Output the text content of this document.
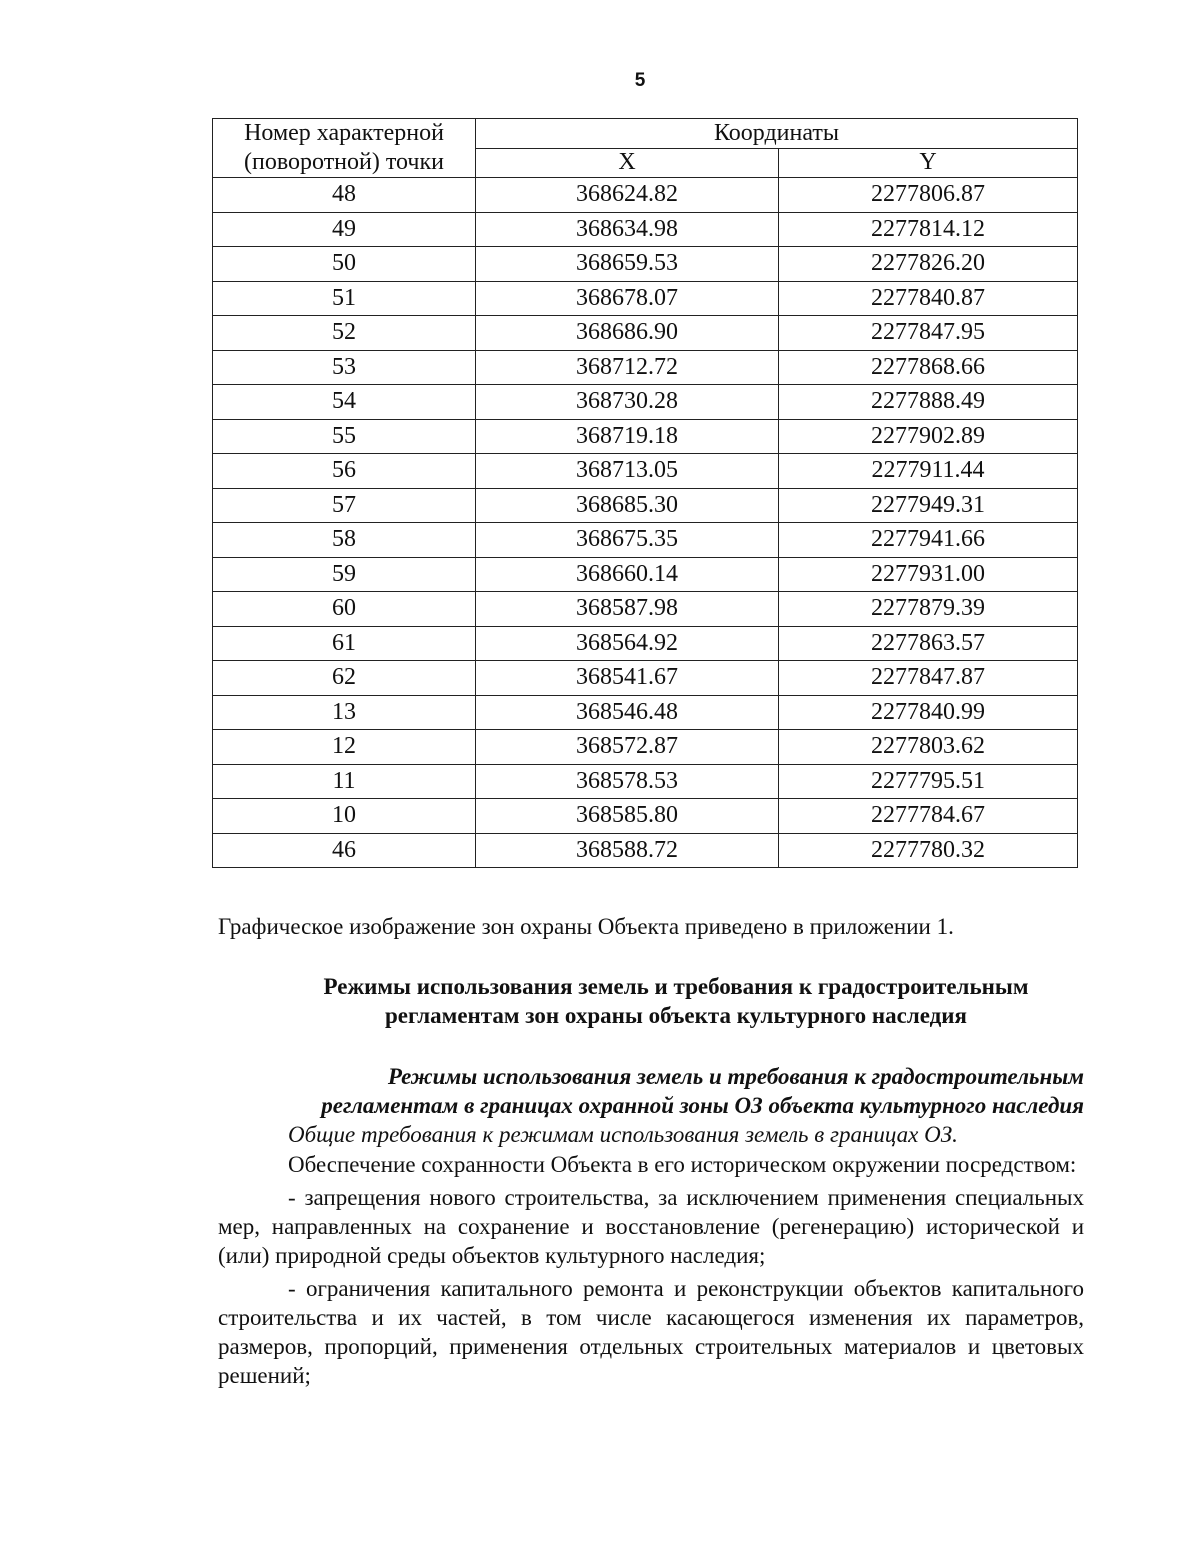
5
Номер характерной
(поворотной) точки	Координаты	
	X	Y
48	368624.82	2277806.87
49	368634.98	2277814.12
50	368659.53	2277826.20
51	368678.07	2277840.87
52	368686.90	2277847.95
53	368712.72	2277868.66
54	368730.28	2277888.49
55	368719.18	2277902.89
56	368713.05	2277911.44
57	368685.30	2277949.31
58	368675.35	2277941.66
59	368660.14	2277931.00
60	368587.98	2277879.39
61	368564.92	2277863.57
62	368541.67	2277847.87
13	368546.48	2277840.99
12	368572.87	2277803.62
11	368578.53	2277795.51
10	368585.80	2277784.67
46	368588.72	2277780.32
Графическое изображение зон охраны Объекта приведено в приложении 1.
Режимы использования земель и требования к градостроительным
регламентам зон охраны объекта культурного наследия
Режимы использования земель и требования к градостроительным
регламентам в границах охранной зоны ОЗ объекта культурного наследия
Общие требования к режимам использования земель в границах ОЗ.

Обеспечение сохранности Объекта в его историческом окружении посредством:

- запрещения нового строительства, за исключением применения специальных мер, направленных на сохранение и восстановление (регенерацию) исторической и (или) природной среды объектов культурного наследия;

- ограничения капитального ремонта и реконструкции объектов капитального строительства и их частей, в том числе касающегося изменения их параметров, размеров, пропорций, применения отдельных строительных материалов и цветовых решений;
